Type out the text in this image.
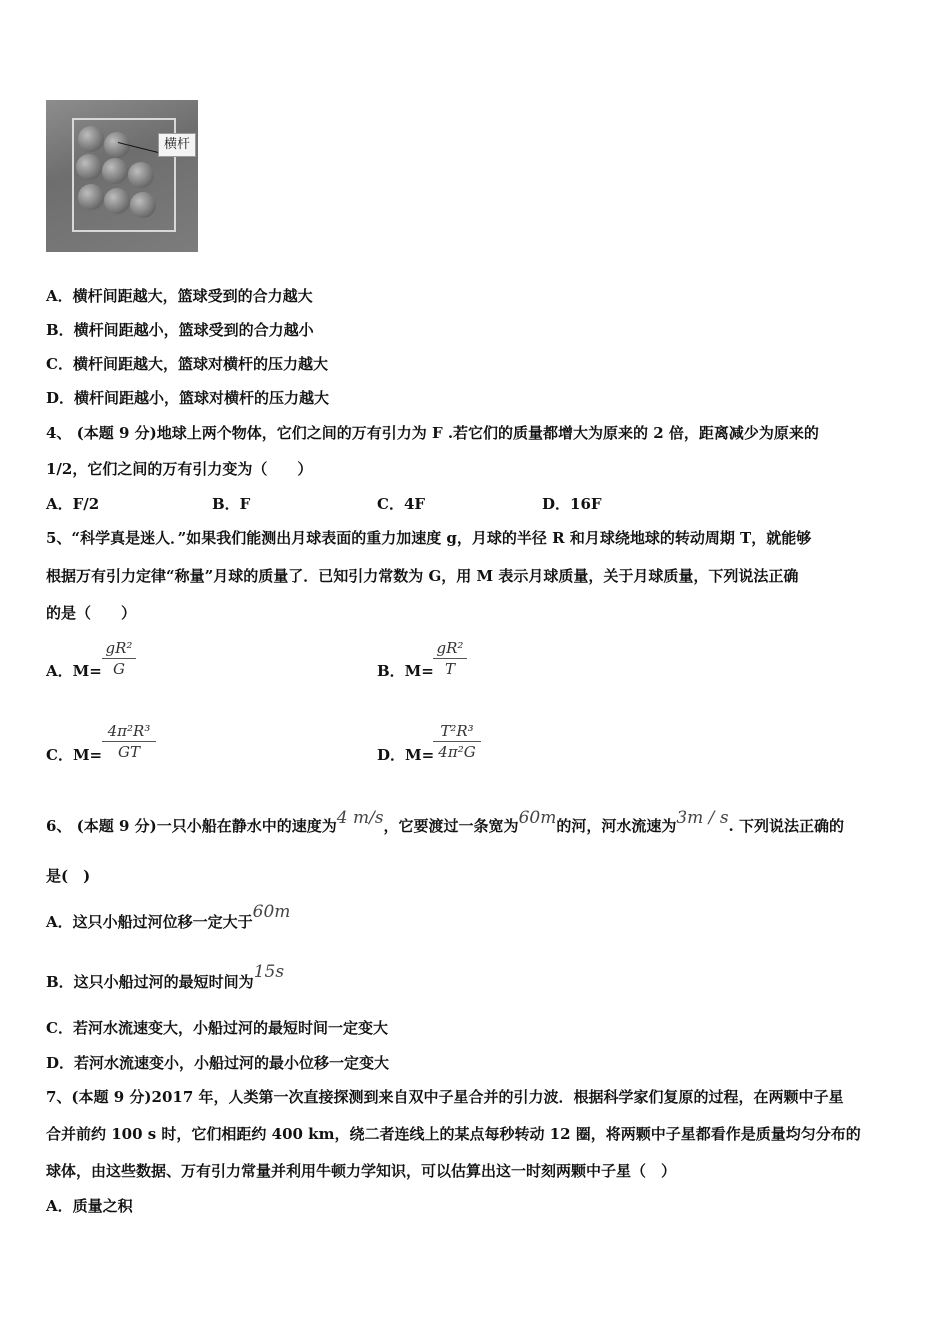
横杆
A．横杆间距越大，篮球受到的合力越大
B．横杆间距越小，篮球受到的合力越小
C．横杆间距越大，篮球对横杆的压力越大
D．横杆间距越小，篮球对横杆的压力越大
4、 (本题 9 分)地球上两个物体，它们之间的万有引力为 F .若它们的质量都增大为原来的 2 倍，距离减少为原来的
1/2，它们之间的万有引力变为（　　）
A．F/2	B．F	C．4F	D．16F
5、“科学真是迷人．”如果我们能测出月球表面的重力加速度 g，月球的半径 R 和月球绕地球的转动周期 T，就能够
根据万有引力定律“称量”月球的质量了．已知引力常数为 G，用 M 表示月球质量，关于月球质量，下列说法正确
的是（　　）
A．M=
gR²
G	B．M=
gR²
T
C．M=
4π²R³
GT	D．M=
T²R³
4π²G
6、 (本题 9 分)一只小船在静水中的速度为4 m/s，它要渡过一条宽为60m的河，河水流速为3m / s. 下列说法正确的
是(　)
A．这只小船过河位移一定大于60m
B．这只小船过河的最短时间为15s
C．若河水流速变大，小船过河的最短时间一定变大
D．若河水流速变小，小船过河的最小位移一定变大
7、(本题 9 分)2017 年，人类第一次直接探测到来自双中子星合并的引力波．根据科学家们复原的过程，在两颗中子星
合并前约 100 s 时，它们相距约 400 km，绕二者连线上的某点每秒转动 12 圈，将两颗中子星都看作是质量均匀分布的
球体，由这些数据、万有引力常量并利用牛顿力学知识，可以估算出这一时刻两颗中子星（　）
A．质量之积
